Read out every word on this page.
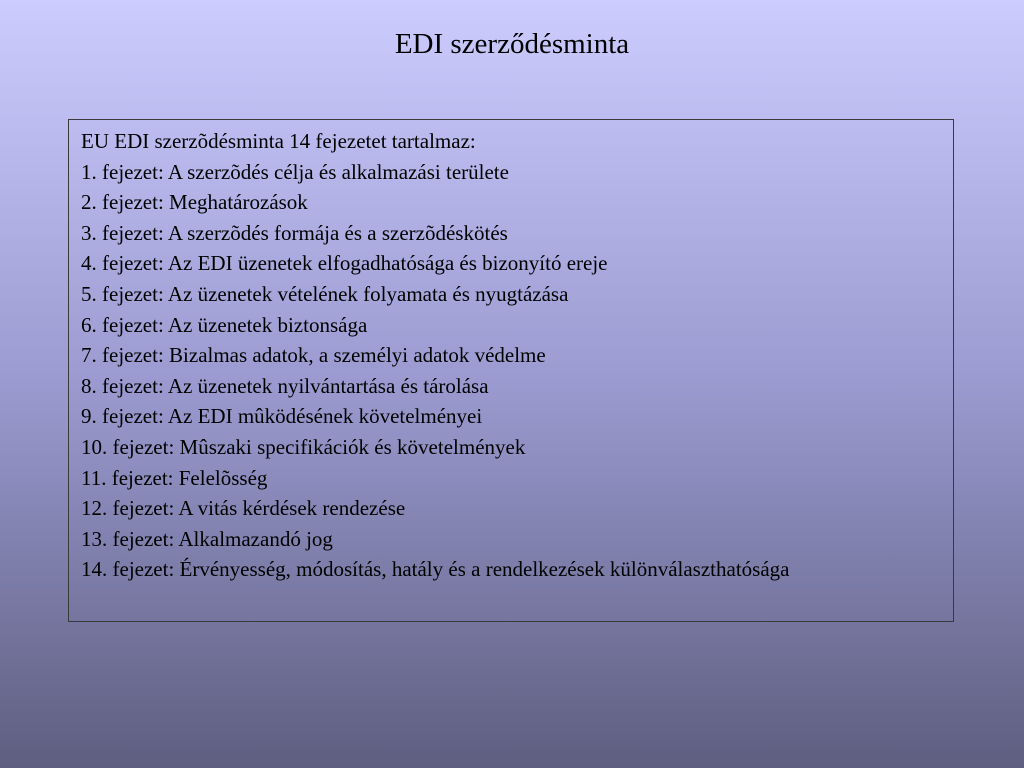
EDI szerződésminta
EU EDI szerzõdésminta 14 fejezetet tartalmaz:
1. fejezet: A szerzõdés célja és alkalmazási területe
2. fejezet: Meghatározások
3. fejezet: A szerzõdés formája és a szerzõdéskötés
4. fejezet: Az EDI üzenetek elfogadhatósága és bizonyító ereje
5. fejezet: Az üzenetek vételének folyamata és nyugtázása
6. fejezet: Az üzenetek biztonsága
7. fejezet: Bizalmas adatok, a személyi adatok védelme
8. fejezet: Az üzenetek nyilvántartása és tárolása
9. fejezet: Az EDI mûködésének követelményei
10. fejezet: Mûszaki specifikációk és követelmények
11. fejezet: Felelõsség
12. fejezet: A vitás kérdések rendezése
13. fejezet: Alkalmazandó jog
14. fejezet: Érvényesség, módosítás, hatály és a rendelkezések különválaszthatósága
